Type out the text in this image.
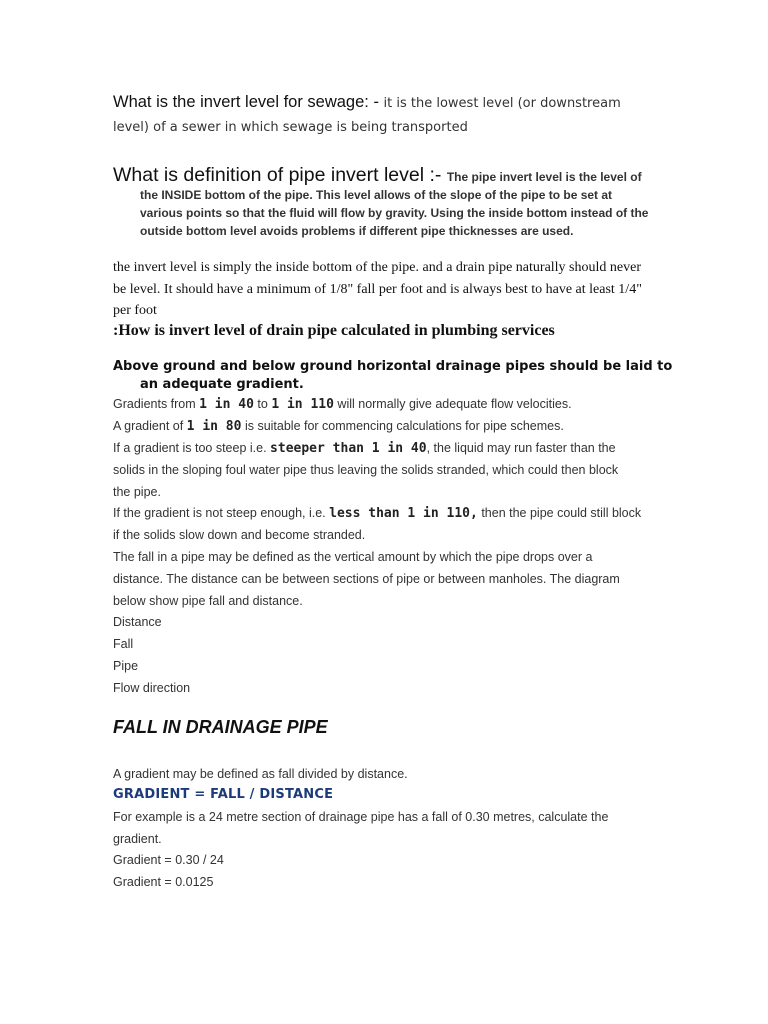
What is the invert level for sewage: - it is the lowest level (or downstream level) of a sewer in which sewage is being transported

What is definition of pipe invert level :- The pipe invert level is the level of the INSIDE bottom of the pipe. This level allows of the slope of the pipe to be set at various points so that the fluid will flow by gravity. Using the inside bottom instead of the outside bottom level avoids problems if different pipe thicknesses are used.

the invert level is simply the inside bottom of the pipe. and a drain pipe naturally should never be level. It should have a minimum of 1/8" fall per foot and is always best to have at least 1/4" per foot
:How is invert level of drain pipe calculated in plumbing services
Above ground and below ground horizontal drainage pipes should be laid to an adequate gradient.
Gradients from 1 in 40 to 1 in 110 will normally give adequate flow velocities.
A gradient of 1 in 80 is suitable for commencing calculations for pipe schemes.
If a gradient is too steep i.e. steeper than 1 in 40, the liquid may run faster than the
solids in the sloping foul water pipe thus leaving the solids stranded, which could then block
the pipe.
If the gradient is not steep enough, i.e. less than 1 in 110, then the pipe could still block
if the solids slow down and become stranded.
The fall in a pipe may be defined as the vertical amount by which the pipe drops over a
distance. The distance can be between sections of pipe or between manholes. The diagram
below show pipe fall and distance.
Distance
Fall
Pipe
Flow direction
FALL IN DRAINAGE PIPE
A gradient may be defined as fall divided by distance.
GRADIENT = FALL / DISTANCE
For example is a 24 metre section of drainage pipe has a fall of 0.30 metres, calculate the
gradient.
Gradient = 0.30 / 24
Gradient = 0.0125
